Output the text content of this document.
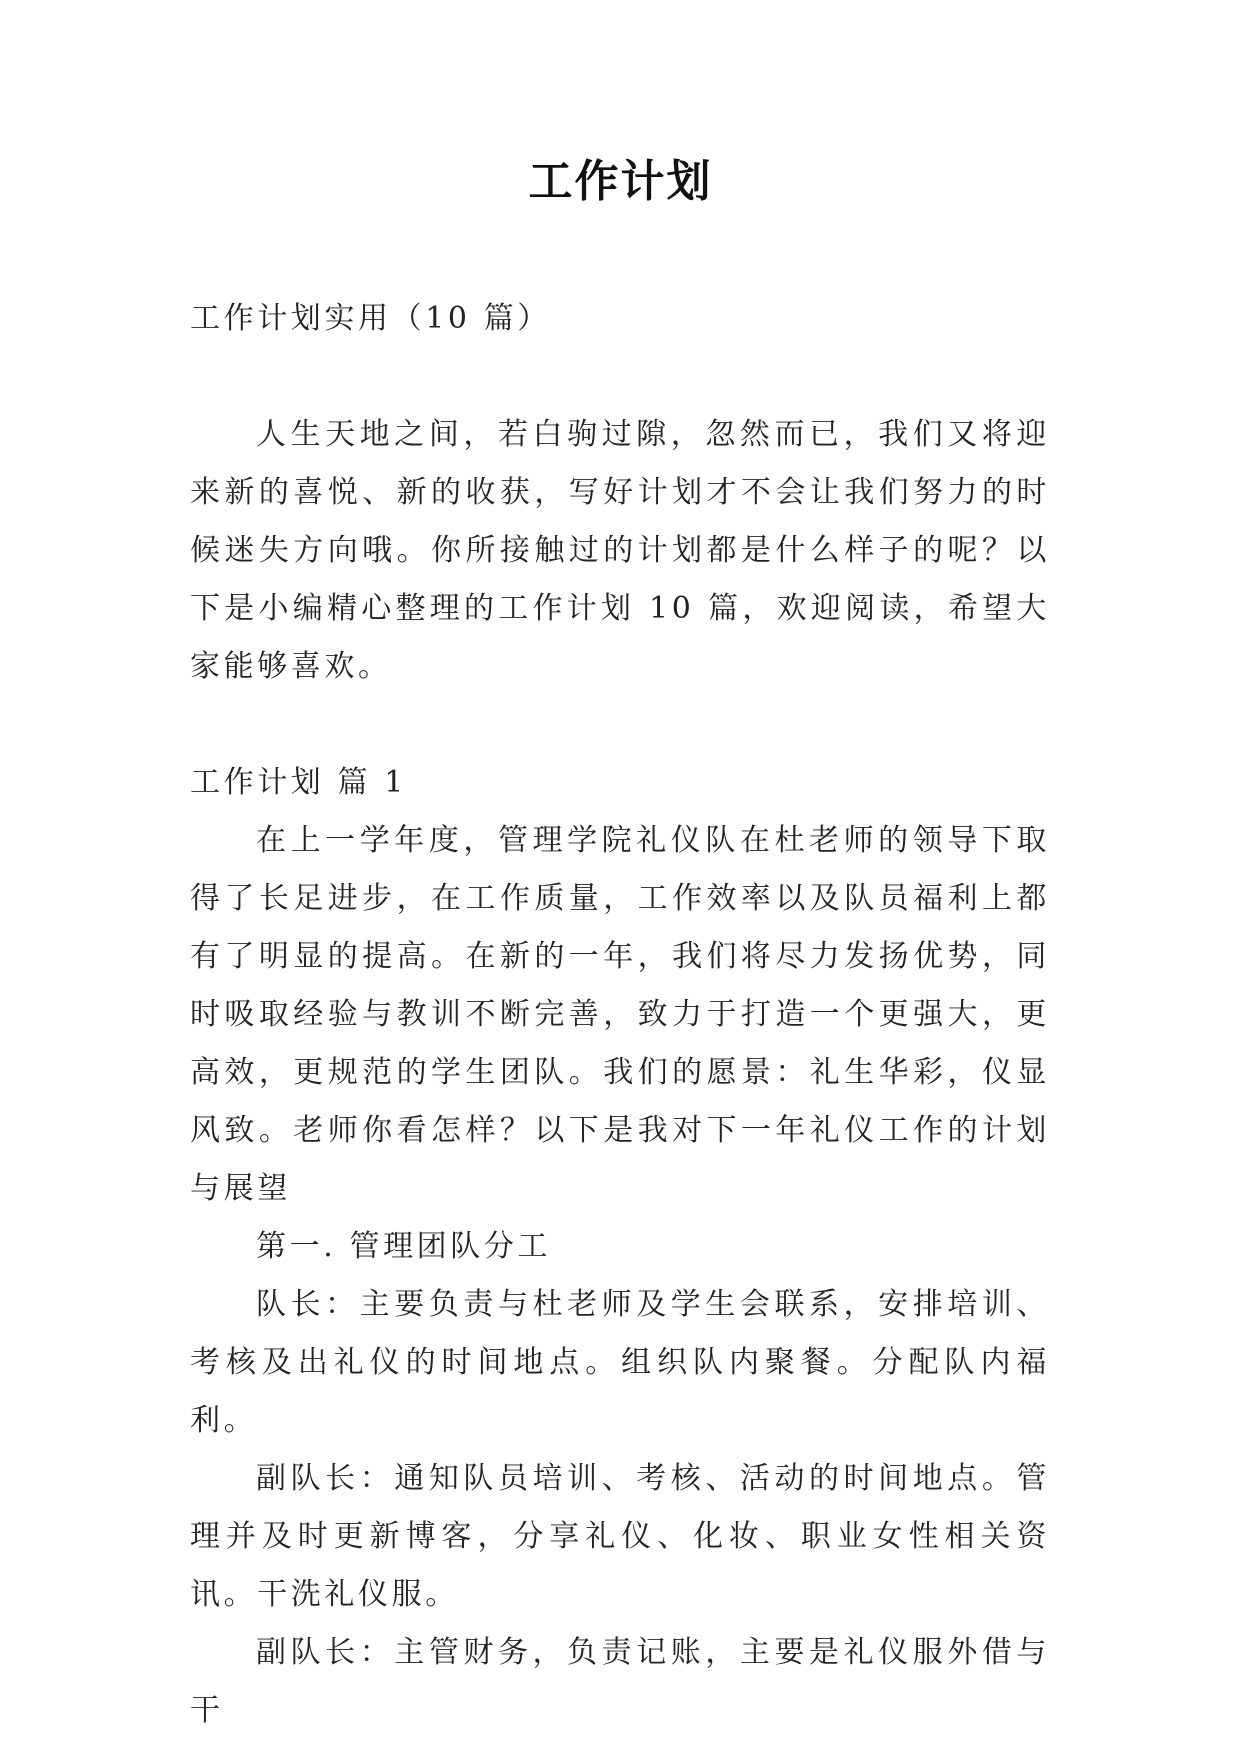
工作计划
工作计划实用（10 篇）

人生天地之间，若白驹过隙，忽然而已，我们又将迎来新的喜悦、新的收获，写好计划才不会让我们努力的时候迷失方向哦。你所接触过的计划都是什么样子的呢？以下是小编精心整理的工作计划 10 篇，欢迎阅读，希望大家能够喜欢。

工作计划 篇 1

在上一学年度，管理学院礼仪队在杜老师的领导下取得了长足进步，在工作质量，工作效率以及队员福利上都有了明显的提高。在新的一年，我们将尽力发扬优势，同时吸取经验与教训不断完善，致力于打造一个更强大，更高效，更规范的学生团队。我们的愿景：礼生华彩，仪显风致。老师你看怎样？以下是我对下一年礼仪工作的计划与展望

第一. 管理团队分工

队长：主要负责与杜老师及学生会联系，安排培训、考核及出礼仪的时间地点。组织队内聚餐。分配队内福利。

副队长：通知队员培训、考核、活动的时间地点。管理并及时更新博客，分享礼仪、化妆、职业女性相关资讯。干洗礼仪服。

副队长：主管财务，负责记账，主要是礼仪服外借与干
